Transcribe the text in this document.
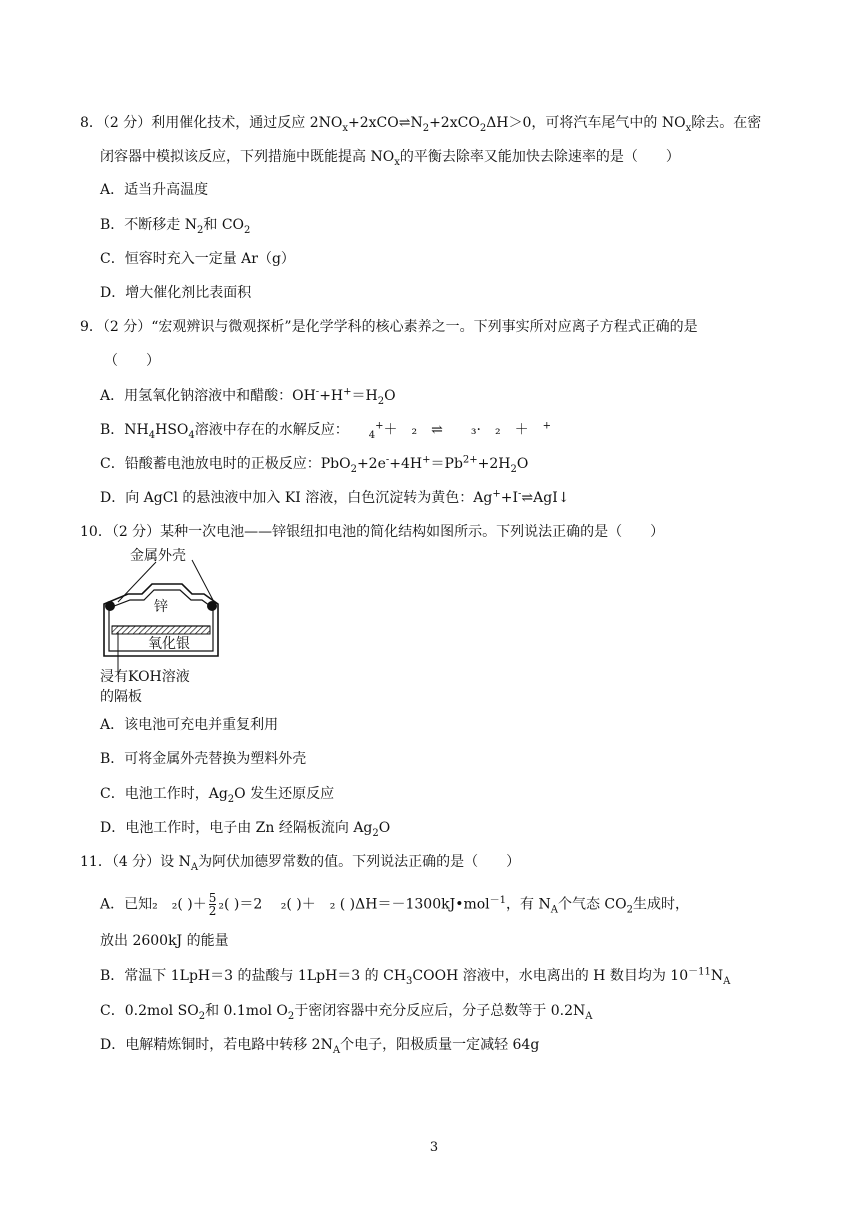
8．（2 分）利用催化技术，通过反应 $2NO_x+2xCO\rightleftharpoons N_2+2xCO_2\Delta H>0$，可将汽车尾气中的 $NO_x$除去。在密
闭容器中模拟该反应，下列措施中既能提高 $NO_x$的平衡去除率又能加快去除速率的是（　　）
A．适当升高温度
B．不断移走 $N_2$和 $CO_2$
C．恒容时充入一定量 Ar（g）
D．增大催化剂比表面积
9．（2 分）“宏观辨识与微观探析”是化学学科的核心素养之一。下列事实所对应离子方程式正确的是
（　　）
A．用氢氧化钠溶液中和醋酸：$OH^-+H^+=H_2O$
B．$NH_4HSO_4$溶液中存在的水解反应： $_4$+＋　₂　⇌　　₃·　₂　＋　+
C．铅酸蓄电池放电时的正极反应：$PbO_2+2e^-+4H^+=Pb^{2+}+2H_2O$
D．向 AgCl 的悬浊液中加入 KI 溶液，白色沉淀转为黄色：Ag++I-⇌AgI↓
10．（2 分）某种一次电池——锌银纽扣电池的简化结构如图所示。下列说法正确的是（　　）
金属外壳
锌
氧化银
浸有KOH溶液
的隔板
A．该电池可充电并重复利用
B．可将金属外壳替换为塑料外壳
C．电池工作时，$Ag_2O$ 发生还原反应
D．电池工作时，电子由 Zn 经隔板流向 $Ag_2O$
11．（4 分）设 $N_A$为阿伏加德罗常数的值。下列说法正确的是（　　）
A．已知₂　₂( )＋ $\frac{5}{2} _2$( )＝2　 ₂( )＋　₂ ( )ΔH＝－1300kJ•mol$^{-1}$，有 $N_A$个气态 $CO_2$生成时，
放出 2600kJ 的能量
B．常温下 1LpH＝3 的盐酸与 1LpH＝3 的 $CH_3COOH$ 溶液中，水电离出的 H 数目均为 $10^{-11}N_A$
C．0.2mol $SO_2$和 0.1mol $O_2$于密闭容器中充分反应后，分子总数等于 $0.2N_A$
D．电解精炼铜时，若电路中转移 $2N_A$个电子，阳极质量一定减轻 64g
3
